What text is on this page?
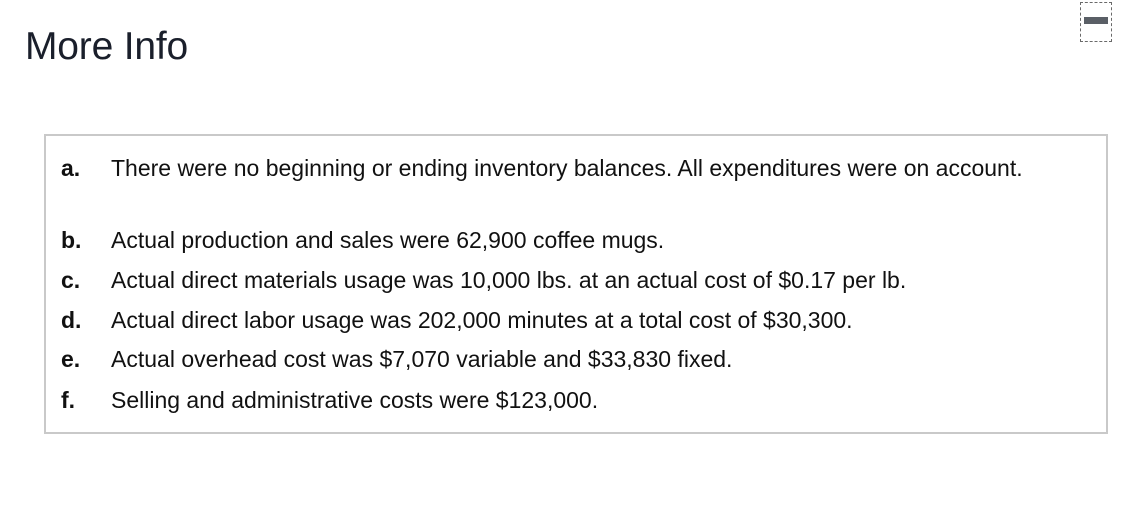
More Info
a. There were no beginning or ending inventory balances. All expenditures were on account.
b. Actual production and sales were 62,900 coffee mugs.
c. Actual direct materials usage was 10,000 lbs. at an actual cost of $0.17 per lb.
d. Actual direct labor usage was 202,000 minutes at a total cost of $30,300.
e. Actual overhead cost was $7,070 variable and $33,830 fixed.
f. Selling and administrative costs were $123,000.
